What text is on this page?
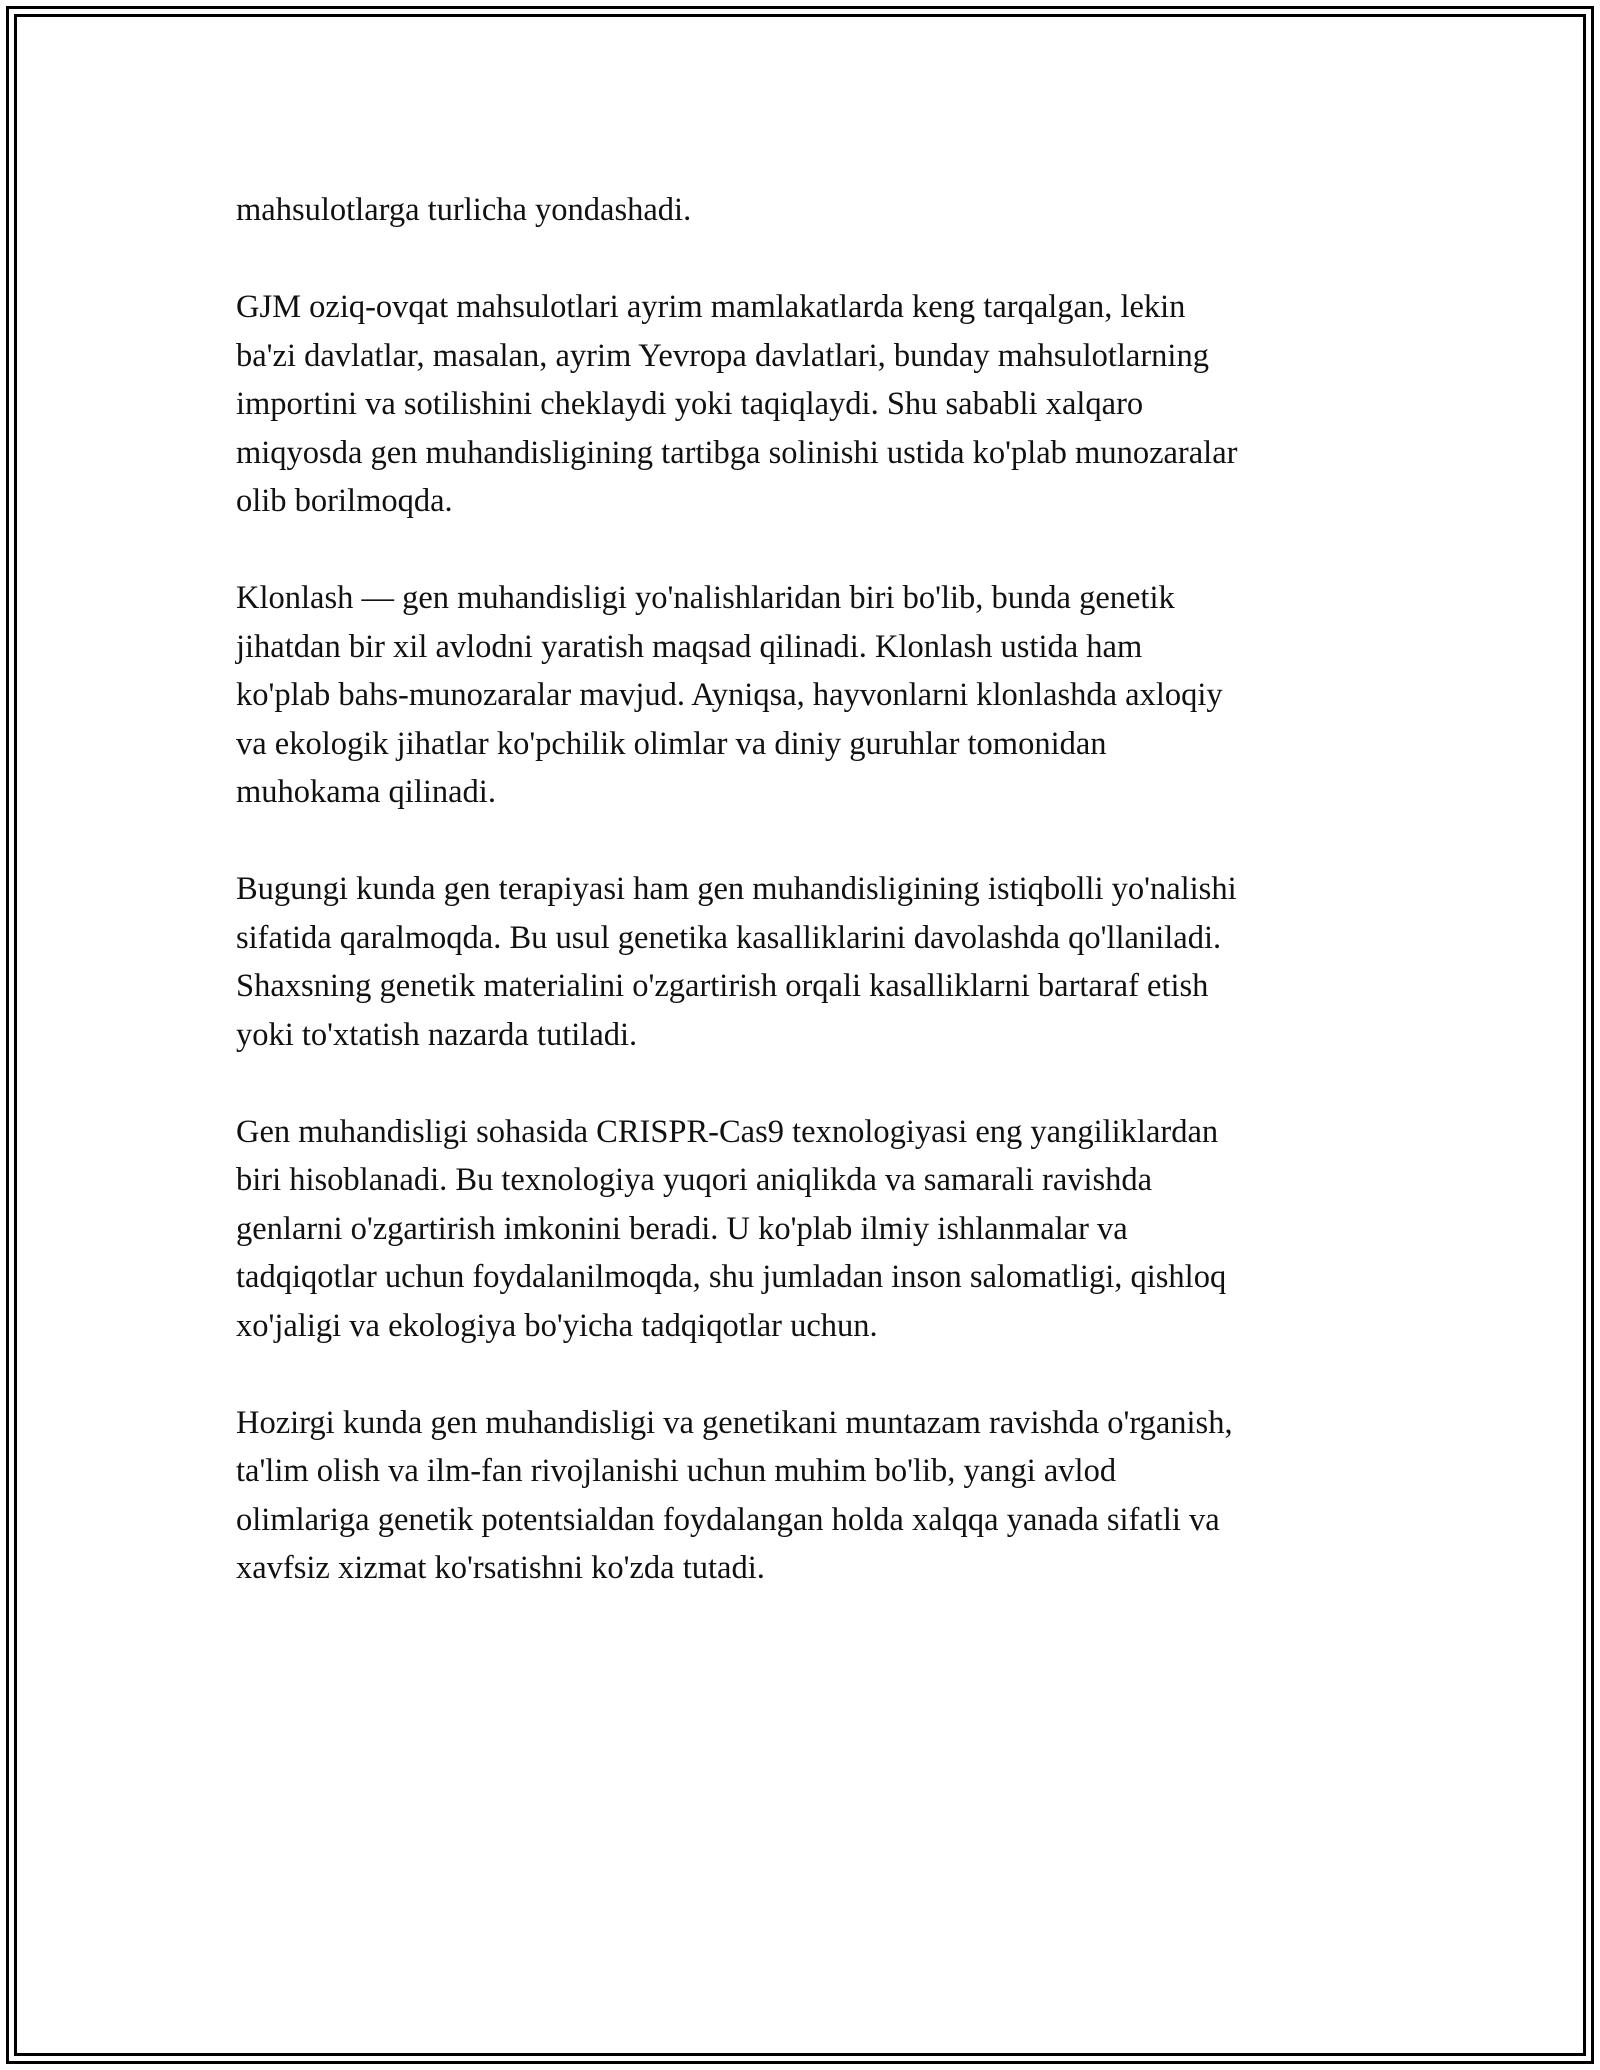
mahsulotlarga turlicha yondashadi.

GJM oziq-ovqat mahsulotlari ayrim mamlakatlarda keng tarqalgan, lekin
ba'zi davlatlar, masalan, ayrim Yevropa davlatlari, bunday mahsulotlarning
importini va sotilishini cheklaydi yoki taqiqlaydi. Shu sababli xalqaro
miqyosda gen muhandisligining tartibga solinishi ustida ko'plab munozaralar
olib borilmoqda.

Klonlash — gen muhandisligi yo'nalishlaridan biri bo'lib, bunda genetik
jihatdan bir xil avlodni yaratish maqsad qilinadi. Klonlash ustida ham
ko'plab bahs-munozaralar mavjud. Ayniqsa, hayvonlarni klonlashda axloqiy
va ekologik jihatlar ko'pchilik olimlar va diniy guruhlar tomonidan
muhokama qilinadi.

Bugungi kunda gen terapiyasi ham gen muhandisligining istiqbolli yo'nalishi
sifatida qaralmoqda. Bu usul genetika kasalliklarini davolashda qo'llaniladi.
Shaxsning genetik materialini o'zgartirish orqali kasalliklarni bartaraf etish
yoki to'xtatish nazarda tutiladi.

Gen muhandisligi sohasida CRISPR-Cas9 texnologiyasi eng yangiliklardan
biri hisoblanadi. Bu texnologiya yuqori aniqlikda va samarali ravishda
genlarni o'zgartirish imkonini beradi. U ko'plab ilmiy ishlanmalar va
tadqiqotlar uchun foydalanilmoqda, shu jumladan inson salomatligi, qishloq
xo'jaligi va ekologiya bo'yicha tadqiqotlar uchun.

Hozirgi kunda gen muhandisligi va genetikani muntazam ravishda o'rganish,
ta'lim olish va ilm-fan rivojlanishi uchun muhim bo'lib, yangi avlod
olimlariga genetik potentsialdan foydalangan holda xalqqa yanada sifatli va
xavfsiz xizmat ko'rsatishni ko'zda tutadi.
